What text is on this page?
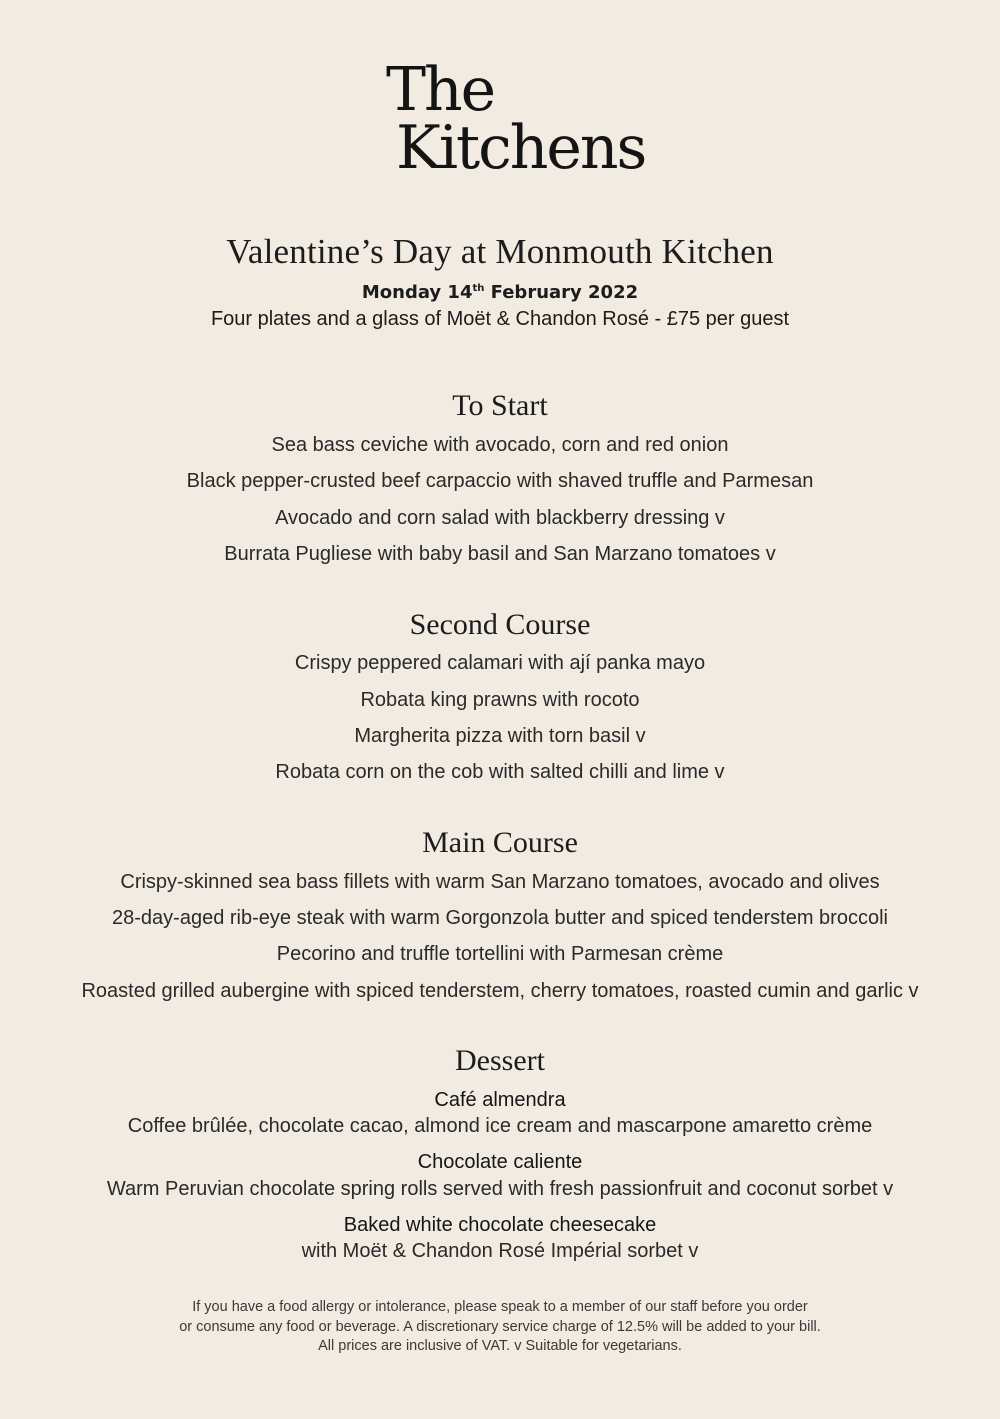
The
Kitchens
Valentine’s Day at Monmouth Kitchen
Monday 14th February 2022
Four plates and a glass of Moët & Chandon Rosé - £75 per guest
To Start
Sea bass ceviche with avocado, corn and red onion
Black pepper-crusted beef carpaccio with shaved truffle and Parmesan
Avocado and corn salad with blackberry dressing v
Burrata Pugliese with baby basil and San Marzano tomatoes v
Second Course
Crispy peppered calamari with ají panka mayo
Robata king prawns with rocoto
Margherita pizza with torn basil v
Robata corn on the cob with salted chilli and lime v
Main Course
Crispy-skinned sea bass fillets with warm San Marzano tomatoes, avocado and olives
28-day-aged rib-eye steak with warm Gorgonzola butter and spiced tenderstem broccoli
Pecorino and truffle tortellini with Parmesan crème
Roasted grilled aubergine with spiced tenderstem, cherry tomatoes, roasted cumin and garlic v
Dessert
Café almendra
Coffee brûlée, chocolate cacao, almond ice cream and mascarpone amaretto crème
Chocolate caliente
Warm Peruvian chocolate spring rolls served with fresh passionfruit and coconut sorbet v
Baked white chocolate cheesecake
with Moët & Chandon Rosé Impérial sorbet v
If you have a food allergy or intolerance, please speak to a member of our staff before you order
or consume any food or beverage. A discretionary service charge of 12.5% will be added to your bill.
All prices are inclusive of VAT. v Suitable for vegetarians.
